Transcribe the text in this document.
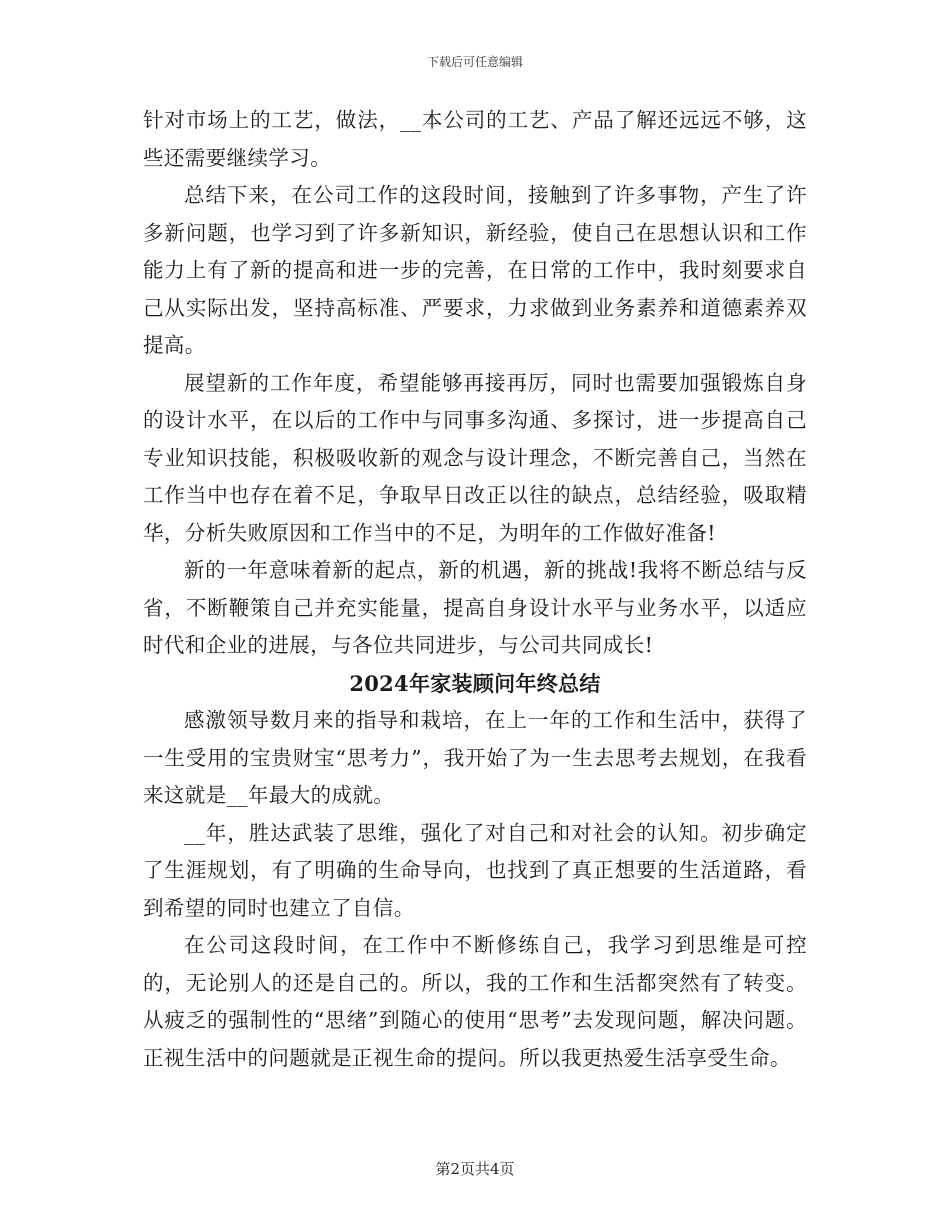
下载后可任意编辑

针对市场上的工艺，做法，__本公司的工艺、产品了解还远远不够，这些还需要继续学习。

总结下来，在公司工作的这段时间，接触到了许多事物，产生了许多新问题，也学习到了许多新知识，新经验，使自己在思想认识和工作能力上有了新的提高和进一步的完善，在日常的工作中，我时刻要求自己从实际出发，坚持高标准、严要求，力求做到业务素养和道德素养双提高。

展望新的工作年度，希望能够再接再厉，同时也需要加强锻炼自身的设计水平，在以后的工作中与同事多沟通、多探讨，进一步提高自己专业知识技能，积极吸收新的观念与设计理念，不断完善自己，当然在工作当中也存在着不足，争取早日改正以往的缺点，总结经验，吸取精华，分析失败原因和工作当中的不足，为明年的工作做好准备!

新的一年意味着新的起点，新的机遇，新的挑战!我将不断总结与反省，不断鞭策自己并充实能量，提高自身设计水平与业务水平，以适应时代和企业的进展，与各位共同进步，与公司共同成长!

2024年家装顾问年终总结

感激领导数月来的指导和栽培，在上一年的工作和生活中，获得了一生受用的宝贵财宝“思考力”，我开始了为一生去思考去规划，在我看来这就是__年最大的成就。

__年，胜达武装了思维，强化了对自己和对社会的认知。初步确定了生涯规划，有了明确的生命导向，也找到了真正想要的生活道路，看到希望的同时也建立了自信。

在公司这段时间，在工作中不断修练自己，我学习到思维是可控的，无论别人的还是自己的。所以，我的工作和生活都突然有了转变。从疲乏的强制性的“思绪”到随心的使用“思考”去发现问题，解决问题。正视生活中的问题就是正视生命的提问。所以我更热爱生活享受生命。

第2页共4页
